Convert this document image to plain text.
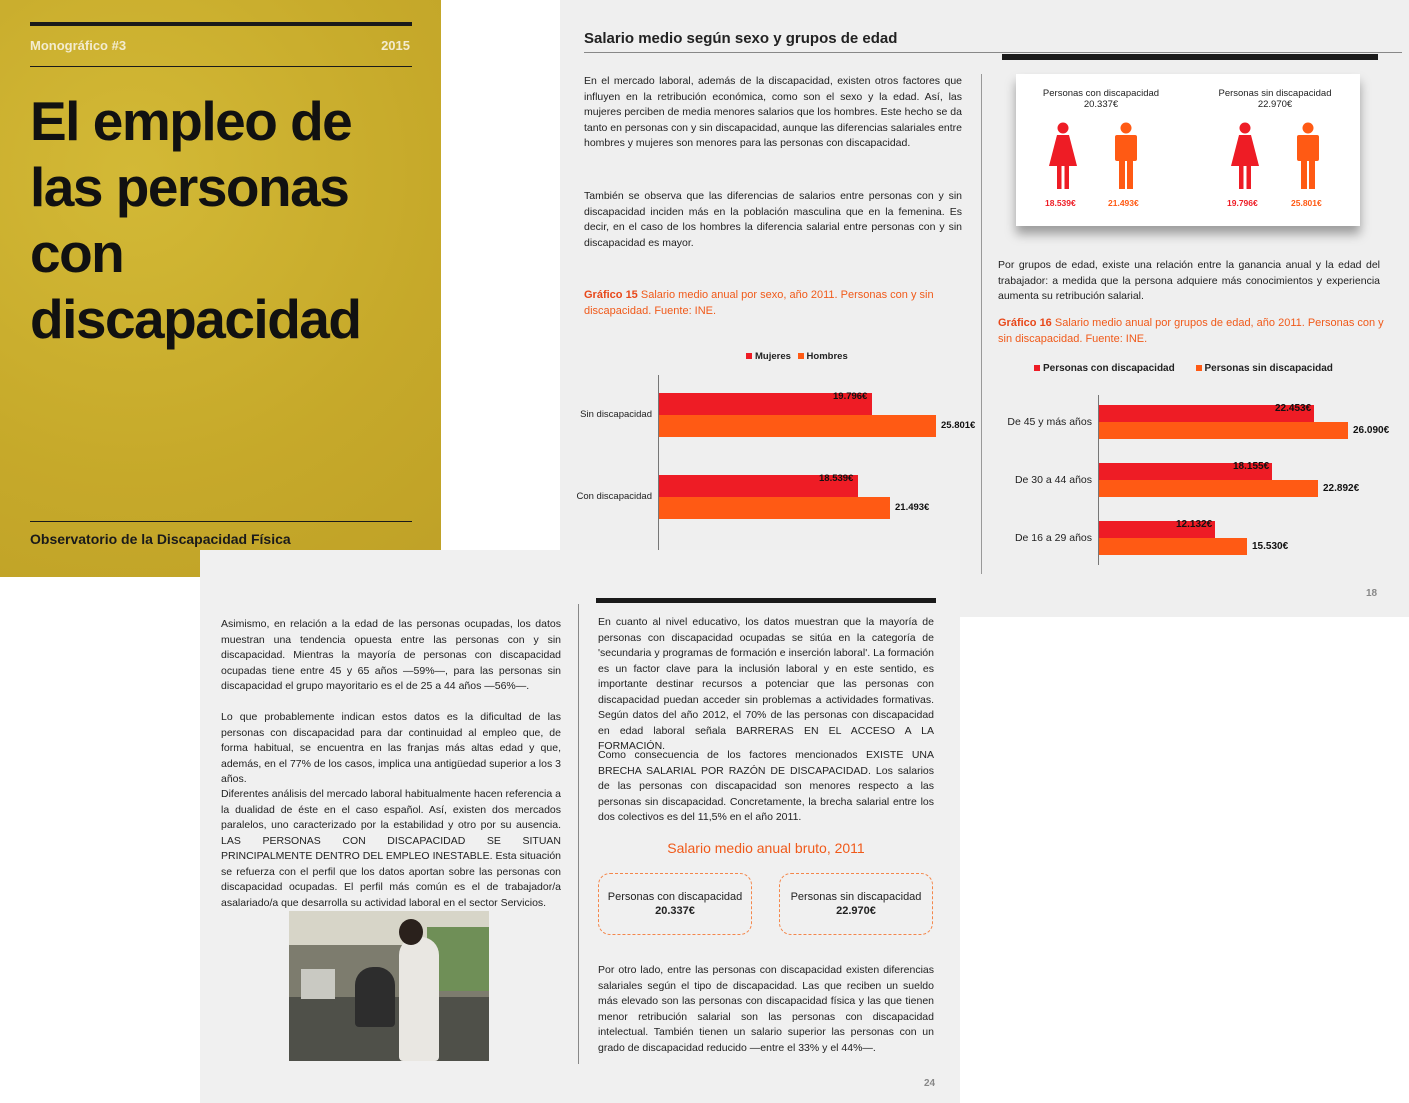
Monográfico #3	2015
El empleo de
las personas
con
discapacidad
Observatorio de la Discapacidad Física
Salario medio según sexo y grupos de edad

En el mercado laboral, además de la discapacidad, existen otros factores que influyen en la retribución económica, como son el sexo y la edad. Así, las mujeres perciben de media menores salarios que los hombres. Este hecho se da tanto en personas con y sin discapacidad, aunque las diferencias salariales entre hombres y mujeres son menores para las personas con discapacidad.

También se observa que las diferencias de salarios entre personas con y sin discapacidad inciden más en la población masculina que en la femenina. Es decir, en el caso de los hombres la diferencia salarial entre personas con y sin discapacidad es mayor.

Gráfico 15 Salario medio anual por sexo, año 2011. Personas con y sin discapacidad. Fuente: INE.

Mujeres Hombres
Sin discapacidad
19.796€
25.801€
Con discapacidad
18.539€
21.493€
Personas con discapacidad
20.337€
Personas sin discapacidad
22.970€
18.539€	21.493€	19.796€	25.801€

Por grupos de edad, existe una relación entre la ganancia anual y la edad del trabajador: a medida que la persona adquiere más conocimientos y experiencia aumenta su retribución salarial.

Gráfico 16 Salario medio anual por grupos de edad, año 2011. Personas con y sin discapacidad. Fuente: INE.

Personas con discapacidad	Personas sin discapacidad
De 45 y más años
22.453€
26.090€
De 30 a 44 años
18.155€
22.892€
De 16 a 29 años
12.132€
15.530€
18

Asimismo, en relación a la edad de las personas ocupadas, los datos muestran una tendencia opuesta entre las personas con y sin discapacidad. Mientras la mayoría de personas con discapacidad ocupadas tiene entre 45 y 65 años —59%—, para las personas sin discapacidad el grupo mayoritario es el de 25 a 44 años —56%—.

Lo que probablemente indican estos datos es la dificultad de las personas con discapacidad para dar continuidad al empleo que, de forma habitual, se encuentra en las franjas más altas edad y que, además, en el 77% de los casos, implica una antigüedad superior a los 3 años.

Diferentes análisis del mercado laboral habitualmente hacen referencia a la dualidad de éste en el caso español. Así, existen dos mercados paralelos, uno caracterizado por la estabilidad y otro por su ausencia. LAS PERSONAS CON DISCAPACIDAD SE SITUAN PRINCIPALMENTE DENTRO DEL EMPLEO INESTABLE. Esta situación se refuerza con el perfil que los datos aportan sobre las personas con discapacidad ocupadas. El perfil más común es el de trabajador/a asalariado/a que desarrolla su actividad laboral en el sector Servicios.

En cuanto al nivel educativo, los datos muestran que la mayoría de personas con discapacidad ocupadas se sitúa en la categoría de 'secundaria y programas de formación e inserción laboral'. La formación es un factor clave para la inclusión laboral y en este sentido, es importante destinar recursos a potenciar que las personas con discapacidad puedan acceder sin problemas a actividades formativas. Según datos del año 2012, el 70% de las personas con discapacidad en edad laboral señala BARRERAS EN EL ACCESO A LA FORMACIÓN.

Como consecuencia de los factores mencionados EXISTE UNA BRECHA SALARIAL POR RAZÓN DE DISCAPACIDAD. Los salarios de las personas con discapacidad son menores respecto a las personas sin discapacidad. Concretamente, la brecha salarial entre los dos colectivos es del 11,5% en el año 2011.

Salario medio anual bruto, 2011
Personas con discapacidad
20.337€
Personas sin discapacidad
22.970€

Por otro lado, entre las personas con discapacidad existen diferencias salariales según el tipo de discapacidad. Las que reciben un sueldo más elevado son las personas con discapacidad física y las que tienen menor retribución salarial son las personas con discapacidad intelectual. También tienen un salario superior las personas con un grado de discapacidad reducido —entre el 33% y el 44%—.

24
